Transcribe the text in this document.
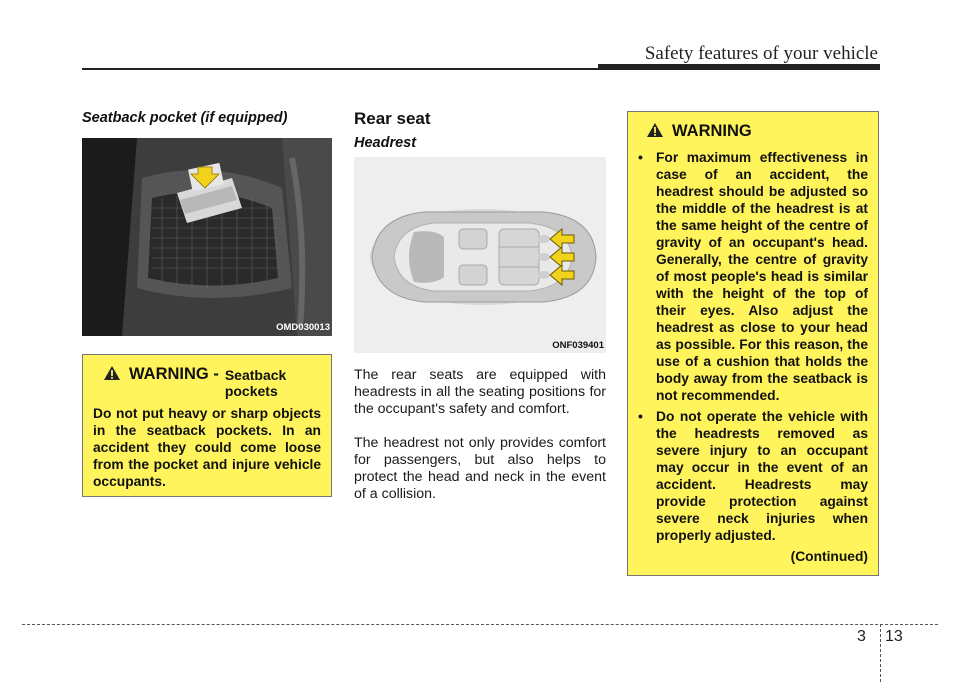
Safety features of your vehicle
Seatback pocket (if equipped)
OMD030013
WARNING - Seatback pockets
Do not put heavy or sharp objects in the seatback pockets. In an accident they could come loose from the pocket and injure vehicle occupants.
Rear seat
Headrest
ONF039401
The rear seats are equipped with headrests in all the seating positions for the occupant's safety and comfort.
The headrest not only provides comfort for passengers, but also helps to protect the head and neck in the event of a collision.
WARNING
• For maximum effectiveness in case of an accident, the headrest should be adjusted so the middle of the headrest is at the same height of the centre of gravity of an occupant's head. Generally, the centre of gravity of most people's head is similar with the height of the top of their eyes. Also adjust the headrest as close to your head as possible. For this reason, the use of a cushion that holds the body away from the seatback is not recommended.
• Do not operate the vehicle with the headrests removed as severe injury to an occupant may occur in the event of an accident. Headrests may provide protection against severe neck injuries when properly adjusted.
(Continued)
3 13
